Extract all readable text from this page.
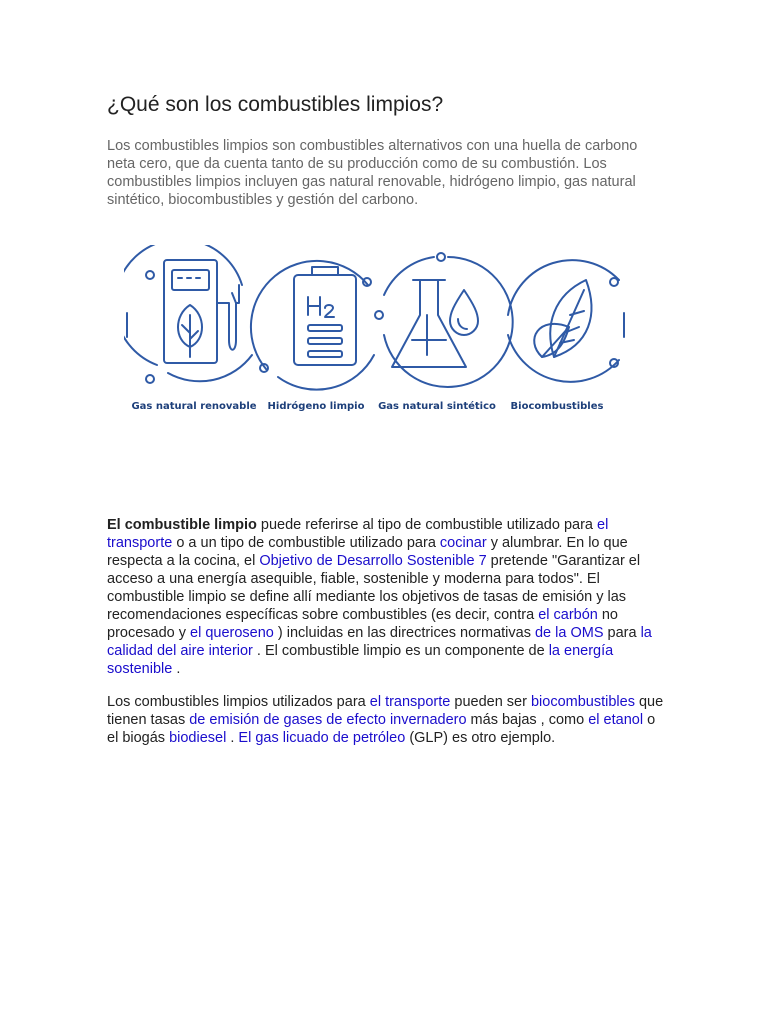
¿Qué son los combustibles limpios?

Los combustibles limpios son combustibles alternativos con una huella de carbono neta cero, que da cuenta tanto de su producción como de su combustión. Los combustibles limpios incluyen gas natural renovable, hidrógeno limpio, gas natural sintético, biocombustibles y gestión del carbono.

Gas natural renovable Hidrógeno limpio Gas natural sintético Biocombustibles

El combustible limpio puede referirse al tipo de combustible utilizado para el transporte o a un tipo de combustible utilizado para cocinar y alumbrar. En lo que respecta a la cocina, el Objetivo de Desarrollo Sostenible 7 pretende "Garantizar el acceso a una energía asequible, fiable, sostenible y moderna para todos". El combustible limpio se define allí mediante los objetivos de tasas de emisión y las recomendaciones específicas sobre combustibles (es decir, contra el carbón no procesado y el queroseno ) incluidas en las directrices normativas de la OMS para la calidad del aire interior . El combustible limpio es un componente de la energía sostenible .

Los combustibles limpios utilizados para el transporte pueden ser biocombustibles que tienen tasas de emisión de gases de efecto invernadero más bajas , como el etanol o el biogás biodiesel . El gas licuado de petróleo (GLP) es otro ejemplo.
